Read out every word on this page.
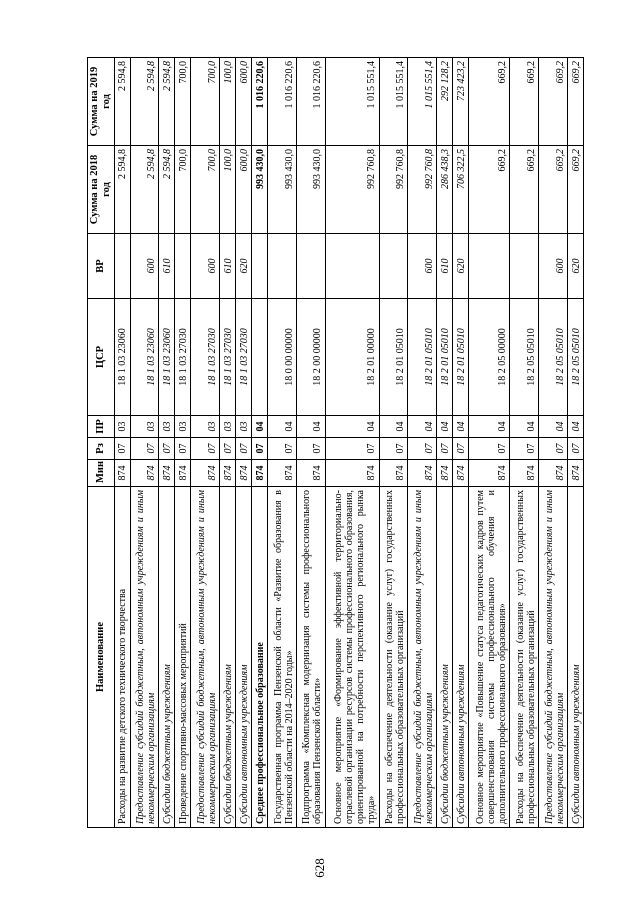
628
Наименование	Мин	Рз	ПР	ЦСР	ВР	Сумма на 2018 год	Сумма на 2019 год
Расходы на развитие детского технического творчества	874	07	03	18 1 03 23060		2 594,8	2 594,8
Предоставление субсидий бюджетным, автономным учреждениям и иным некоммерческим организациям	874	07	03	18 1 03 23060	600	2 594,8	2 594,8
Субсидии бюджетным учреждениям	874	07	03	18 1 03 23060	610	2 594,8	2 594,8
Проведение спортивно-массовых мероприятий	874	07	03	18 1 03 27030		700,0	700,0
Предоставление субсидий бюджетным, автономным учреждениям и иным некоммерческим организациям	874	07	03	18 1 03 27030	600	700,0	700,0
Субсидии бюджетным учреждениям	874	07	03	18 1 03 27030	610	100,0	100,0
Субсидии автономным учреждениям	874	07	03	18 1 03 27030	620	600,0	600,0
Среднее профессиональное образование	874	07	04			993 430,0	1 016 220,6
Государственная программа Пензенской области «Развитие образования в Пензенской области на 2014–2020 годы»	874	07	04	18 0 00 00000		993 430,0	1 016 220,6
Подпрограмма «Комплексная модернизация системы профессионального образования Пензенской области»	874	07	04	18 2 00 00000		993 430,0	1 016 220,6
Основное мероприятие «Формирование эффективной территориально-отраслевой организации ресурсов системы профессионального образования, ориентированной на потребности перспективного регионального рынка труда»	874	07	04	18 2 01 00000		992 760,8	1 015 551,4
Расходы на обеспечение деятельности (оказание услуг) государственных профессиональных образовательных организаций	874	07	04	18 2 01 05010		992 760,8	1 015 551,4
Предоставление субсидий бюджетным, автономным учреждениям и иным некоммерческим организациям	874	07	04	18 2 01 05010	600	992 760,8	1 015 551,4
Субсидии бюджетным учреждениям	874	07	04	18 2 01 05010	610	286 438,3	292 128,2
Субсидии автономным учреждениям	874	07	04	18 2 01 05010	620	706 322,5	723 423,2
Основное мероприятие «Повышение статуса педагогических кадров путем совершенствования системы профессионального обучения и дополнительного профессионального образования»	874	07	04	18 2 05 00000		669,2	669,2
Расходы на обеспечение деятельности (оказание услуг) государственных профессиональных образовательных организаций	874	07	04	18 2 05 05010		669,2	669,2
Предоставление субсидий бюджетным, автономным учреждениям и иным некоммерческим организациям	874	07	04	18 2 05 05010	600	669,2	669,2
Субсидии автономным учреждениям	874	07	04	18 2 05 05010	620	669,2	669,2
